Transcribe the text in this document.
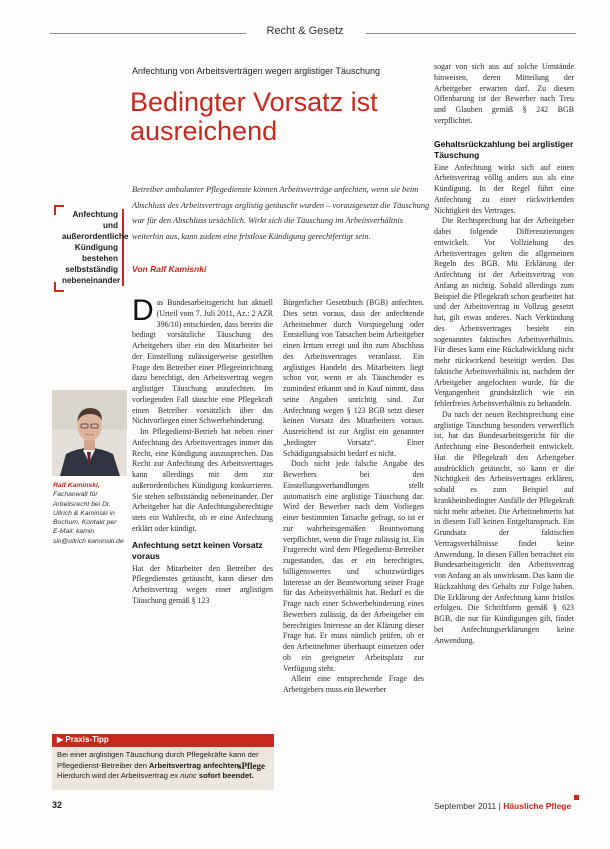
Recht & Gesetz
Anfechtung von Arbeitsverträgen wegen arglistiger Täuschung
Bedingter Vorsatz ist ausreichend

Betreiber ambulanter Pflegedienste können Arbeitsverträge anfechten, wenn sie beim Abschluss des Arbeitsvertrags arglistig getäuscht wurden – vorausgesetzt die Täuschung war für den Abschluss ursächlich. Wirkt sich die Täuschung im Arbeitsverhältnis weiterhin aus, kann zudem eine fristlose Kündigung gerechtfertigt sein.

Von Ralf Kamisnki

Anfechtung und außerordentliche Kündigung bestehen selbstständig nebeneinander

Ralf Kaminski, Fachanwalt für Arbeitsrecht bei Dr. Ullrich & Kaminski in Bochum, Kontakt per E-Mail: kamin ski@ullrich kaminski.de

Das Bundesarbeitsgericht hat aktuell (Urteil vom 7. Juli 2011, Az.: 2 AZR 396/10) entschieden, dass bereits die bedingt vorsätzliche Täuschung des Arbeitgebers über ein den Mitarbeiter bei der Einstellung zulässigerweise gestellten Frage den Betreiber einer Pflegeeinrichtung dazu berechtigt, den Arbeitsvertrag wegen arglistiger Täuschung anzufechten. Im vorliegenden Fall täuschte eine Pflegekraft einen Betreiber vorsätzlich über das Nichtvorliegen einer Schwerbehinderung.

Im Pflegedienst-Betrieb hat neben einer Anfechtung des Arbeitsvertrages immer das Recht, eine Kündigung auszusprechen. Das Recht zur Anfechtung des Arbeitsvertrages kann allerdings mit dem zur außerordentlichen Kündigung konkurrieren. Sie stehen selbstständig nebeneinander. Der Arbeitgeber hat die Anfechtungsberechtigte stets ein Wahlrecht, ob er eine Anfechtung erklärt oder kündigt.

Anfechtung setzt keinen Vorsatz voraus

Hat der Mitarbeiter den Betreiber des Pflegedienstes getäuscht, kann dieser den Arbeitsvertrag wegen einer arglistigen Täuschung gemäß § 123

Bürgerlicher Gesetzbuch (BGB) anfechten. Dies setzt voraus, dass der anfechtende Arbeitnehmer durch Vorspiegelung oder Entstellung von Tatsachen beim Arbeitgeber einen Irrtum erregt und ihn zum Abschluss des Arbeitsvertrages veranlasst. Ein arglistiges Handeln des Mitarbeiters liegt schon vor, wenn er als Täuschender es zumindest erkannt und in Kauf nimmt, dass seine Angaben unrichtig sind. Zur Anfechtung wegen § 123 BGB setzt dieser keinen Vorsatz des Mitarbeiters voraus. Ausreichend ist zur Arglist ein genannter „bedingter Vorsatz“. Einer Schädigungsabsicht bedarf es nicht.

Doch nicht jede falsche Angabe des Bewerbers bei den Einstellungsverhandlungen stellt automatisch eine arglistige Täuschung dar. Wird der Bewerber nach dem Vorliegen einer bestimmten Tatsache gefragt, so ist er zur wahrheitsgemäßen Beantwortung verpflichtet, wenn die Frage zulässig ist. Ein Fragerecht wird dem Pflegedienst-Betreiber zugestanden, das er ein berechtigtes, billigenswertes und schutzwürdiges Interesse an der Beantwortung seiner Frage für das Arbeitsverhältnis hat. Bedarf es die Frage nach einer Schwerbehinderung eines Bewerbers zulässig, da der Arbeitgeber ein berechtigtes Interesse an der Klärung dieser Frage hat. Er muss nämlich prüfen, ob er den Arbeitnehmer überhaupt einsetzen oder ob ein geeigneter Arbeitsplatz zur Verfügung steht.

Allein eine entsprechende Frage des Arbeitgebers muss ein Bewerber

sogar von sich aus auf solche Umstände hinweisen, deren Mitteilung der Arbeitgeber erwarten darf. Zu diesen Offenbarung ist der Bewerber nach Treu und Glauben gemäß § 242 BGB verpflichtet.

Gehaltsrückzahlung bei arglistiger Täuschung

Eine Anfechtung wirkt sich auf einen Arbeitsvertrag völlig anders aus als eine Kündigung. In der Regel führt eine Anfechtung zu einer rückwirkenden Nichtigkeit des Vertrages.

Die Rechtsprechung hat der Arbeitgeber dabei folgende Differenzierungen entwickelt. Vor Vollziehung des Arbeitsvertrages gelten die allgemeinen Regeln des BGB. Mit Erklärung der Anfechtung ist der Arbeitsvertrag von Anfang an nichtig. Sobald allerdings zum Beispiel die Pflegekraft schon gearbeitet hat und der Arbeitsvertrag in Vollzug gesetzt hat, gilt etwas anderes. Nach Verkündung des Arbeitsvertrages besteht ein sogenanntes faktisches Arbeitsverhältnis. Für dieses kann eine Rückabwicklung nicht mehr rückwirkend beseitigt werden. Das faktische Arbeitsverhältnis ist, nachdem der Arbeitgeber angefochten wurde, für die Vergangenheit grundsätzlich wie ein fehlerfreies Arbeitsverhältnis zu behandeln.

Da nach der neuen Rechtsprechung eine arglistige Täuschung besonders verwerflich ist, hat das Bundesarbeitsgericht für die Anfechtung eine Besonderheit entwickelt. Hat die Pflegekraft den Arbeitgeber ausdrücklich getäuscht, so kann er die Nichtigkeit des Arbeitsvertrages erklären, sobald es zum Beispiel auf krankheitsbedingter Ausfälle der Pflegekraft nicht mehr arbeitet. Die Arbeitnehmerin hat in diesem Fall keinen Entgeltanspruch. Ein Grundsatz der faktischen Vertragsverhältnisse findet keine Anwendung. In diesen Fällen betrachtet ein Bundesarbeitsgericht den Arbeitsvertrag von Anfang an als unwirksam. Das kann die Rückzahlung des Gehalts zur Folge haben. Die Erklärung der Anfechtung kann fristlos erfolgen. Die Schriftform gemäß § 623 BGB, die nur für Kündigungen gilt, findet bei Anfechtungserklärungen keine Anwendung.

▶ Praxis-Tipp
Bei einer arglistigen Täuschung durch Pflegekräfte kann der Pflegedienst-Betreiber den Arbeitsvertrag anfechten. Hierdurch wird der Arbeitsvertrag ex nunc sofort beendet.
sPflege
32	September 2011 | Häusliche Pflege
